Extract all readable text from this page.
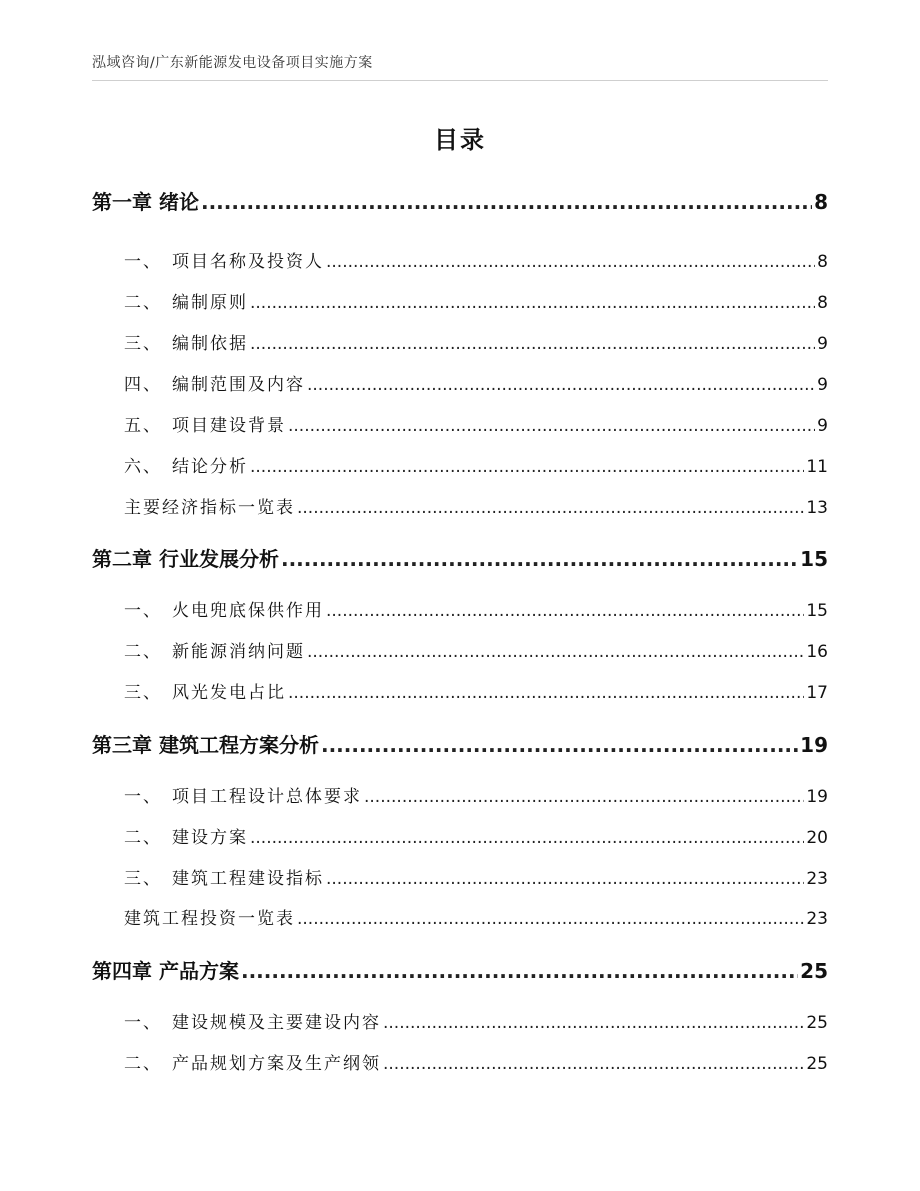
泓域咨询/广东新能源发电设备项目实施方案
目录
第一章 绪论 .....	8
一、 项目名称及投资人 .....	8
二、 编制原则 .....	8
三、 编制依据 .....	9
四、 编制范围及内容 .....	9
五、 项目建设背景 .....	9
六、 结论分析 .....	11
主要经济指标一览表 .....	13
第二章 行业发展分析 .....	15
一、 火电兜底保供作用 .....	15
二、 新能源消纳问题 .....	16
三、 风光发电占比 .....	17
第三章 建筑工程方案分析 .....	19
一、 项目工程设计总体要求 .....	19
二、 建设方案 .....	20
三、 建筑工程建设指标 .....	23
建筑工程投资一览表 .....	23
第四章 产品方案 .....	25
一、 建设规模及主要建设内容 .....	25
二、 产品规划方案及生产纲领 .....	25
